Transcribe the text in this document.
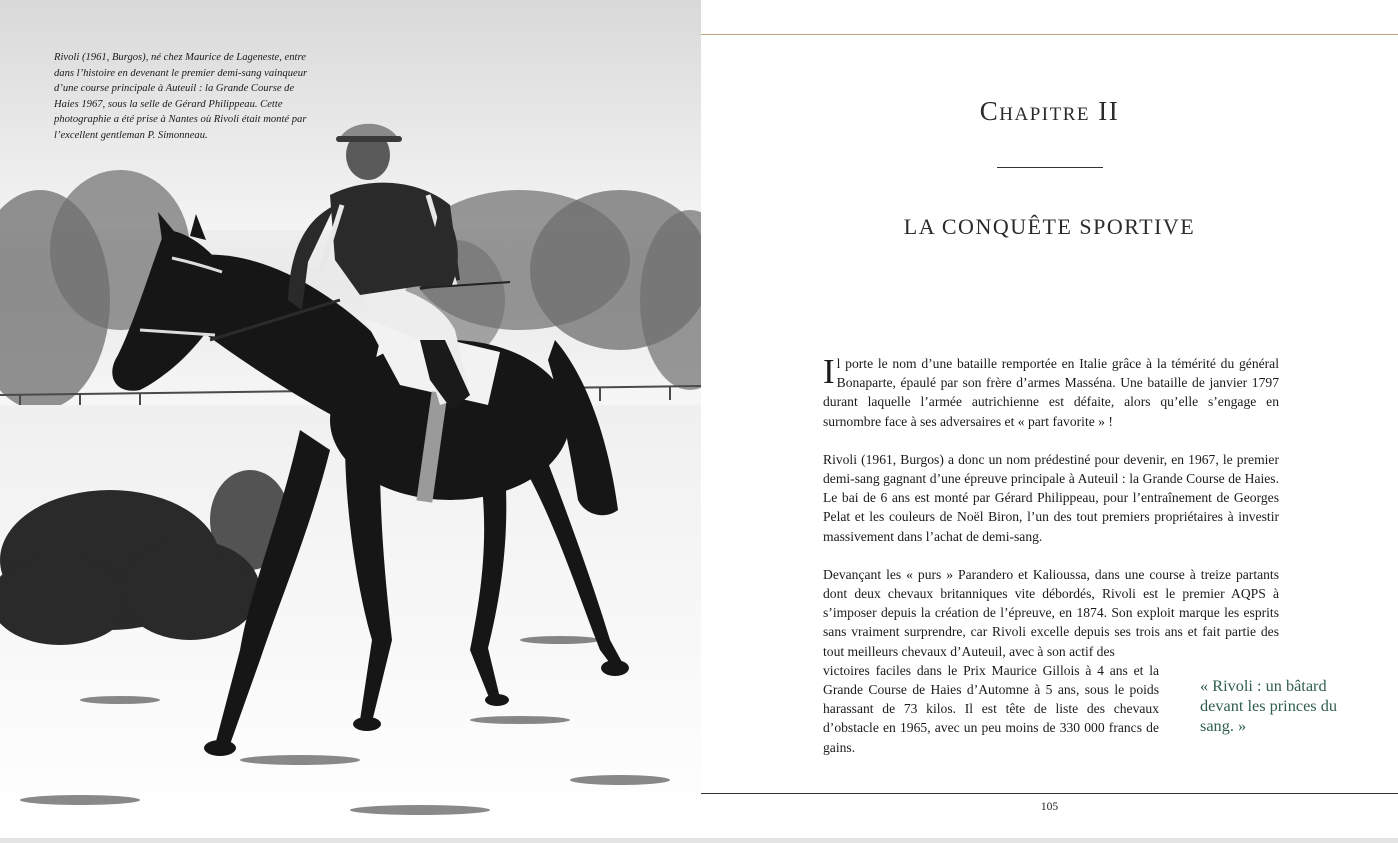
Rivoli (1961, Burgos), né chez Maurice de Lageneste, entre dans l’histoire en devenant le premier demi-sang vainqueur d’une course principale à Auteuil : la Grande Course de Haies 1967, sous la selle de Gérard Philippeau. Cette photographie a été prise à Nantes où Rivoli était monté par l’excellent gentleman P. Simonneau.
Chapitre II
LA CONQUÊTE SPORTIVE

Il porte le nom d’une bataille remportée en Italie grâce à la témérité du général Bonaparte, épaulé par son frère d’armes Masséna. Une bataille de janvier 1797 durant laquelle l’armée autrichienne est défaite, alors qu’elle s’engage en surnombre face à ses adversaires et « part favorite » !

Rivoli (1961, Burgos) a donc un nom prédestiné pour devenir, en 1967, le premier demi-sang gagnant d’une épreuve principale à Auteuil : la Grande Course de Haies. Le bai de 6 ans est monté par Gérard Philippeau, pour l’entraînement de Georges Pelat et les couleurs de Noël Biron, l’un des tout premiers propriétaires à investir massivement dans l’achat de demi-sang.

Devançant les « purs » Parandero et Kalioussa, dans une course à treize partants dont deux chevaux britanniques vite débordés, Rivoli est le premier AQPS à s’imposer depuis la création de l’épreuve, en 1874. Son exploit marque les esprits sans vraiment surprendre, car Rivoli excelle depuis ses trois ans et fait partie des tout meilleurs chevaux d’Auteuil, avec à son actif des

victoires faciles dans le Prix Maurice Gillois à 4 ans et la Grande Course de Haies d’Automne à 5 ans, sous le poids harassant de 73 kilos. Il est tête de liste des chevaux d’obstacle en 1965, avec un peu moins de 330 000 francs de gains.

« Rivoli : un bâtard devant les princes du sang. »
105
